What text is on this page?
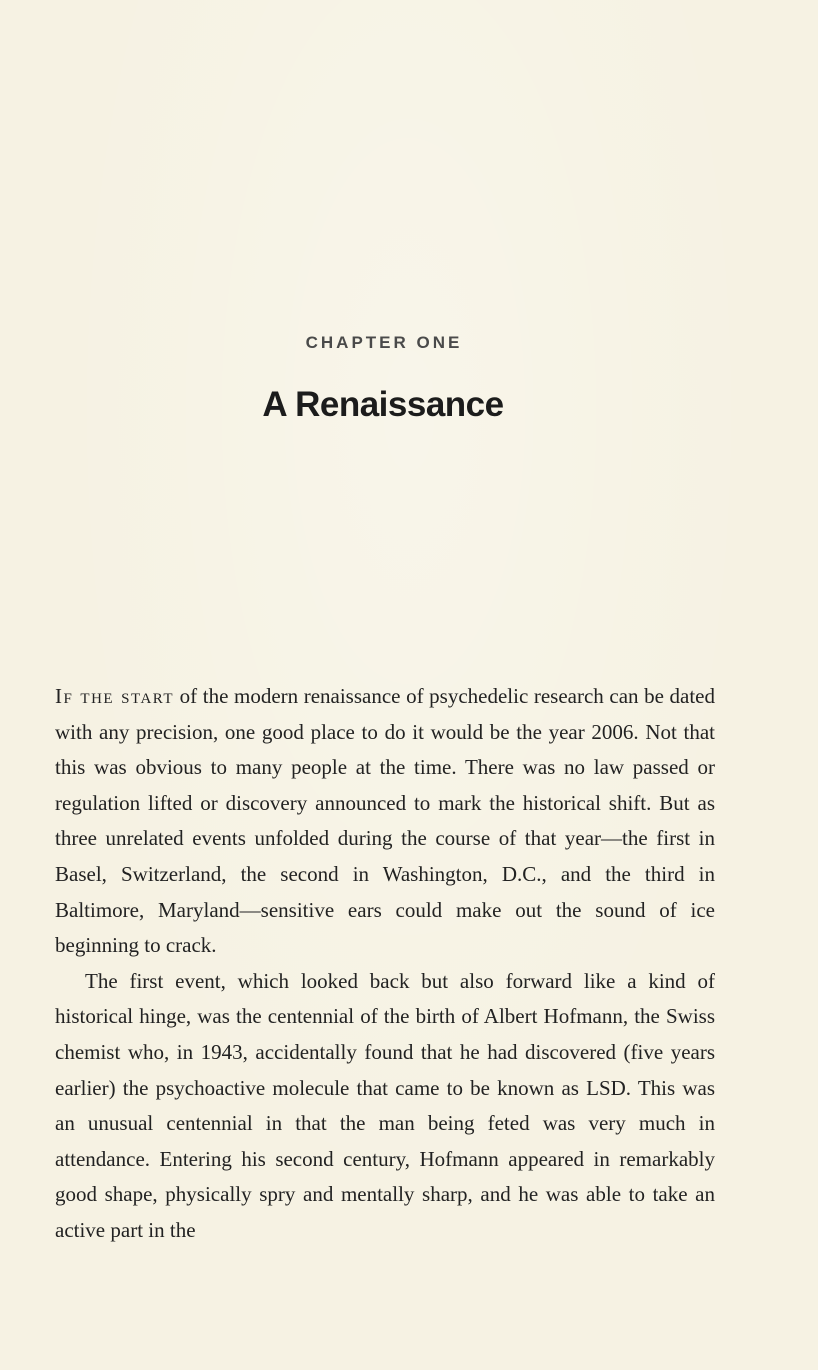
CHAPTER ONE
A Renaissance

If the start of the modern renaissance of psychedelic research can be dated with any precision, one good place to do it would be the year 2006. Not that this was obvious to many people at the time. There was no law passed or regulation lifted or discovery announced to mark the historical shift. But as three unrelated events unfolded during the course of that year—the first in Basel, Switzerland, the second in Washington, D.C., and the third in Baltimore, Maryland—sensitive ears could make out the sound of ice beginning to crack.

The first event, which looked back but also forward like a kind of historical hinge, was the centennial of the birth of Albert Hofmann, the Swiss chemist who, in 1943, accidentally found that he had discovered (five years earlier) the psychoactive molecule that came to be known as LSD. This was an unusual centennial in that the man being feted was very much in attendance. Entering his second century, Hofmann appeared in remarkably good shape, physically spry and mentally sharp, and he was able to take an active part in the
